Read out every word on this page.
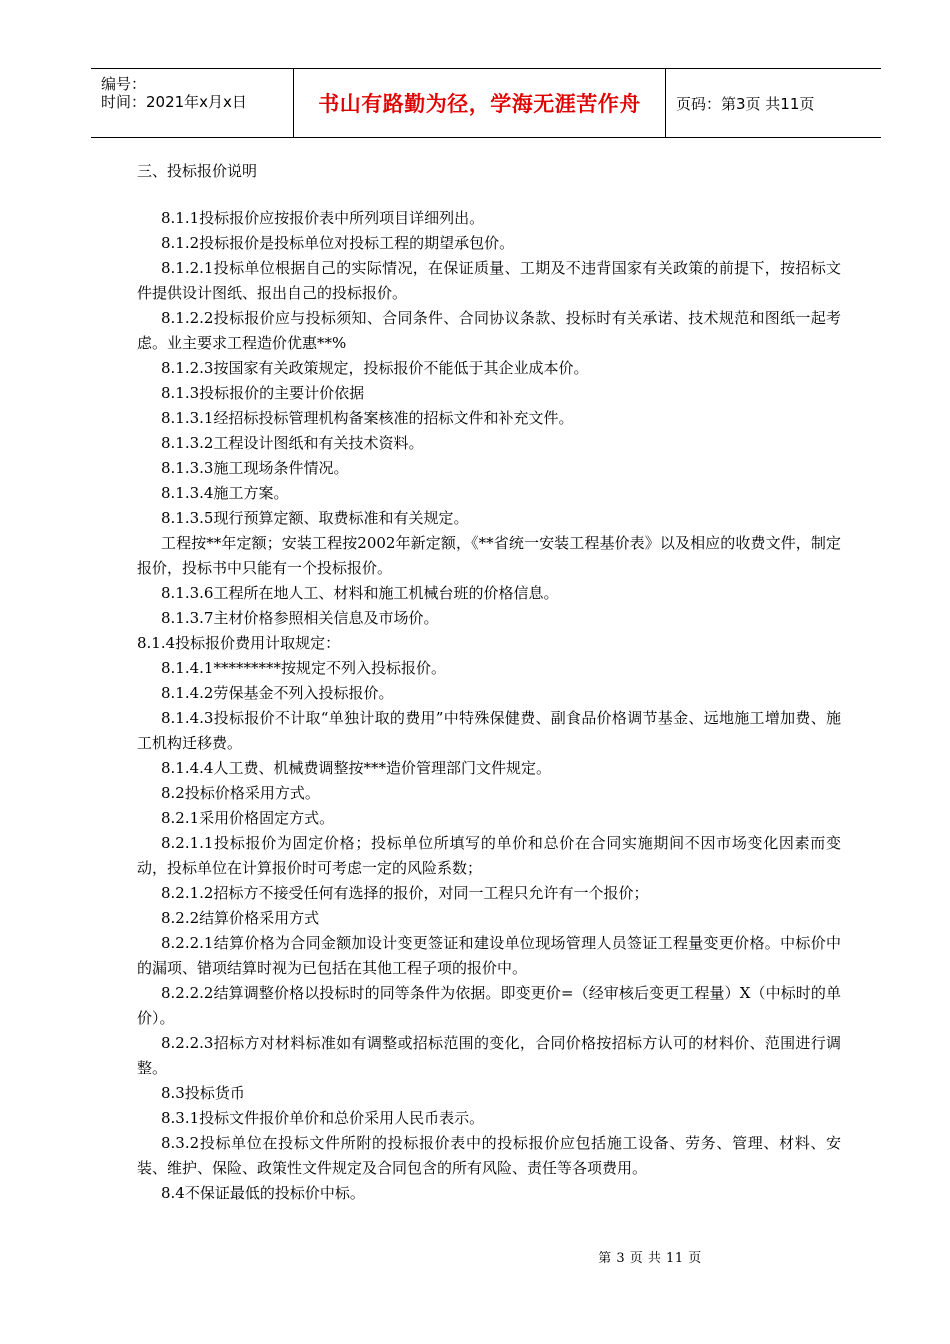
编号：
时间：2021年x月x日	书山有路勤为径，学海无涯苦作舟	页码：第3页 共11页
三、投标报价说明

8.1.1投标报价应按报价表中所列项目详细列出。

8.1.2投标报价是投标单位对投标工程的期望承包价。

8.1.2.1投标单位根据自己的实际情况，在保证质量、工期及不违背国家有关政策的前提下，按招标文件提供设计图纸、报出自己的投标报价。

8.1.2.2投标报价应与投标须知、合同条件、合同协议条款、投标时有关承诺、技术规范和图纸一起考虑。业主要求工程造价优惠**%

8.1.2.3按国家有关政策规定，投标报价不能低于其企业成本价。

8.1.3投标报价的主要计价依据

8.1.3.1经招标投标管理机构备案核准的招标文件和补充文件。

8.1.3.2工程设计图纸和有关技术资料。

8.1.3.3施工现场条件情况。

8.1.3.4施工方案。

8.1.3.5现行预算定额、取费标准和有关规定。

工程按**年定额；安装工程按2002年新定额，《**省统一安装工程基价表》以及相应的收费文件，制定报价，投标书中只能有一个投标报价。

8.1.3.6工程所在地人工、材料和施工机械台班的价格信息。

8.1.3.7主材价格参照相关信息及市场价。

8.1.4投标报价费用计取规定：

8.1.4.1*********按规定不列入投标报价。

8.1.4.2劳保基金不列入投标报价。

8.1.4.3投标报价不计取“单独计取的费用”中特殊保健费、副食品价格调节基金、远地施工增加费、施工机构迁移费。

8.1.4.4人工费、机械费调整按***造价管理部门文件规定。

8.2投标价格采用方式。

8.2.1采用价格固定方式。

8.2.1.1投标报价为固定价格；投标单位所填写的单价和总价在合同实施期间不因市场变化因素而变动，投标单位在计算报价时可考虑一定的风险系数；

8.2.1.2招标方不接受任何有选择的报价，对同一工程只允许有一个报价；

8.2.2结算价格采用方式

8.2.2.1结算价格为合同金额加设计变更签证和建设单位现场管理人员签证工程量变更价格。中标价中的漏项、错项结算时视为已包括在其他工程子项的报价中。

8.2.2.2结算调整价格以投标时的同等条件为依据。即变更价=（经审核后变更工程量）X（中标时的单价）。

8.2.2.3招标方对材料标准如有调整或招标范围的变化，合同价格按招标方认可的材料价、范围进行调整。

8.3投标货币

8.3.1投标文件报价单价和总价采用人民币表示。

8.3.2投标单位在投标文件所附的投标报价表中的投标报价应包括施工设备、劳务、管理、材料、安装、维护、保险、政策性文件规定及合同包含的所有风险、责任等各项费用。

8.4不保证最低的投标价中标。

第 3 页 共 11 页
